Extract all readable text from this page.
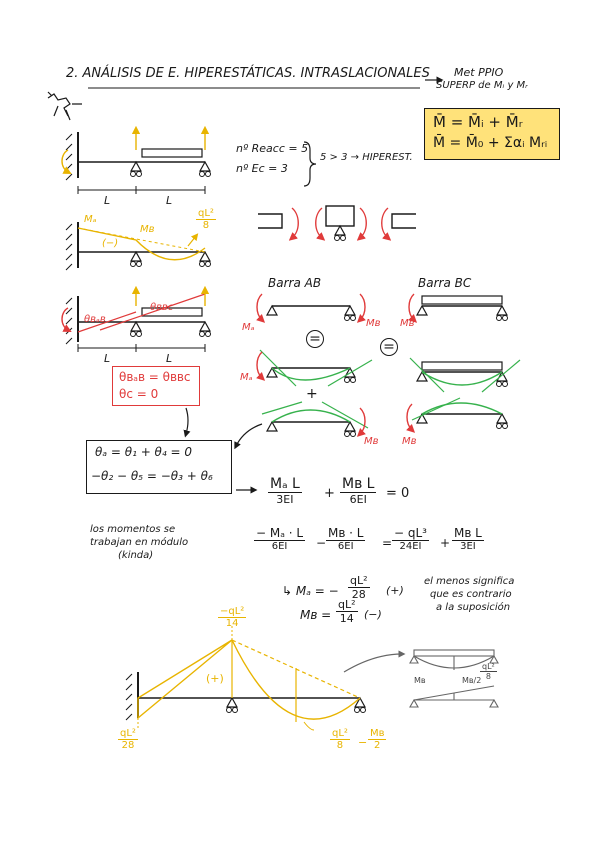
2. ANÁLISIS DE E. HIPERESTÁTICAS. INTRASLACIONALES Met PPIO
SUPERP de Mᵢ y Mᵣ
M̄ = M̄ᵢ + M̄ᵣ
M̄ = M̄₀ + Σαᵢ Mᵣᵢ
nº Reacc = 5
nº Ec = 3
5 > 3 → HIPEREST.
L	L
Mₐ
Mʙ
(−)
$\frac{\text{qL²}}{8}$
θʙₐʙ
θʙʙᴄ
L	L
θʙₐʙ = θʙʙᴄ
θᴄ = 0
Barra AB	Barra BC
Mₐ	Mʙ Mʙ
=	=
Mₐ
+
Mʙ Mʙ
θₐ = θ₁ + θ₄ = 0
−θ₂ − θ₅ = −θ₃ + θ₆	Mₐ L
3EI	+
Mʙ L
6EI	= 0
los momentos se
trabajan en módulo
(kinda)
− Mₐ · L
6EI	−
Mʙ · L
6EI	=
− qL³
24EI	+
Mʙ L
3EI
↳ Mₐ = − $\frac{\text{qL²}}{28}$ (+)
Mʙ = $\frac{\text{qL²}}{14}$ (−)
el menos significa
que es contrario
a la suposición
$\frac{\text{−qL²}}{14}$
(+)
$\frac{\text{qL²}}{28}$	$\frac{\text{qL²}}{8} - \frac{\text{Mʙ}}{2}$
$\frac{\text{qL²}}{8}$
Mʙ	Mʙ/2
